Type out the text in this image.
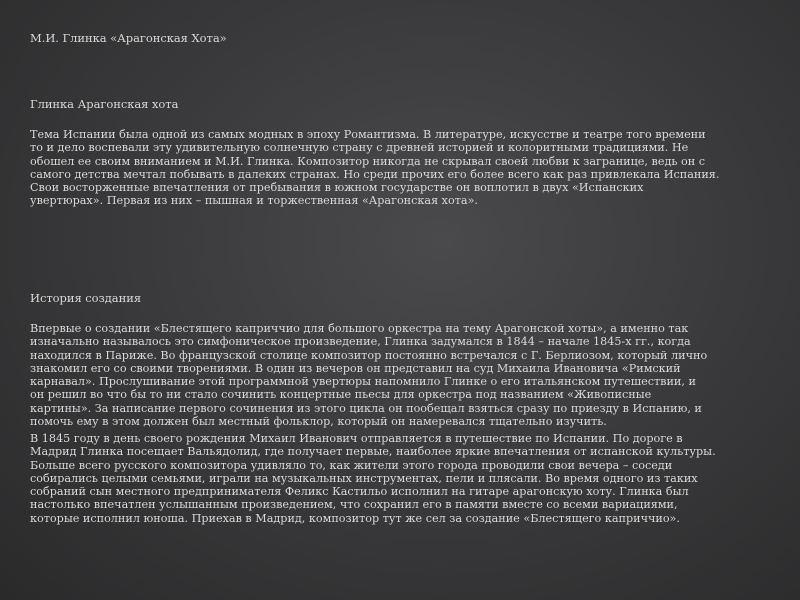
М.И. Глинка «Арагонская Хота»
Глинка Арагонская хота
Тема Испании была одной из самых модных в эпоху Романтизма. В литературе, искусстве и театре того времени
то и дело воспевали эту удивительную солнечную страну с древней историей и колоритными традициями. Не
обошел ее своим вниманием и М.И. Глинка. Композитор никогда не скрывал своей любви к загранице, ведь он с
самого детства мечтал побывать в далеких странах. Но среди прочих его более всего как раз привлекала Испания.
Свои восторженные впечатления от пребывания в южном государстве он воплотил в двух «Испанских
увертюрах». Первая из них – пышная и торжественная «Арагонская хота».
История создания
Впервые о создании «Блестящего каприччио для большого оркестра на тему Арагонской хоты», а именно так
изначально называлось это симфоническое произведение, Глинка задумался в 1844 – начале 1845-х гг., когда
находился в Париже. Во французской столице композитор постоянно встречался с Г. Берлиозом, который лично
знакомил его со своими творениями. В один из вечеров он представил на суд Михаила Ивановича «Римский
карнавал». Прослушивание этой программной увертюры напомнило Глинке о его итальянском путешествии, и
он решил во что бы то ни стало сочинить концертные пьесы для оркестра под названием «Живописные
картины». За написание первого сочинения из этого цикла он пообещал взяться сразу по приезду в Испанию, и
помочь ему в этом должен был местный фольклор, который он намеревался тщательно изучить.
В 1845 году в день своего рождения Михаил Иванович отправляется в путешествие по Испании. По дороге в
Мадрид Глинка посещает Вальядолид, где получает первые, наиболее яркие впечатления от испанской культуры.
Больше всего русского композитора удивляло то, как жители этого города проводили свои вечера – соседи
собирались целыми семьями, играли на музыкальных инструментах, пели и плясали. Во время одного из таких
собраний сын местного предпринимателя Феликс Кастильо исполнил на гитаре арагонскую хоту. Глинка был
настолько впечатлен услышанным произведением, что сохранил его в памяти вместе со всеми вариациями,
которые исполнил юноша. Приехав в Мадрид, композитор тут же сел за создание «Блестящего каприччио».
